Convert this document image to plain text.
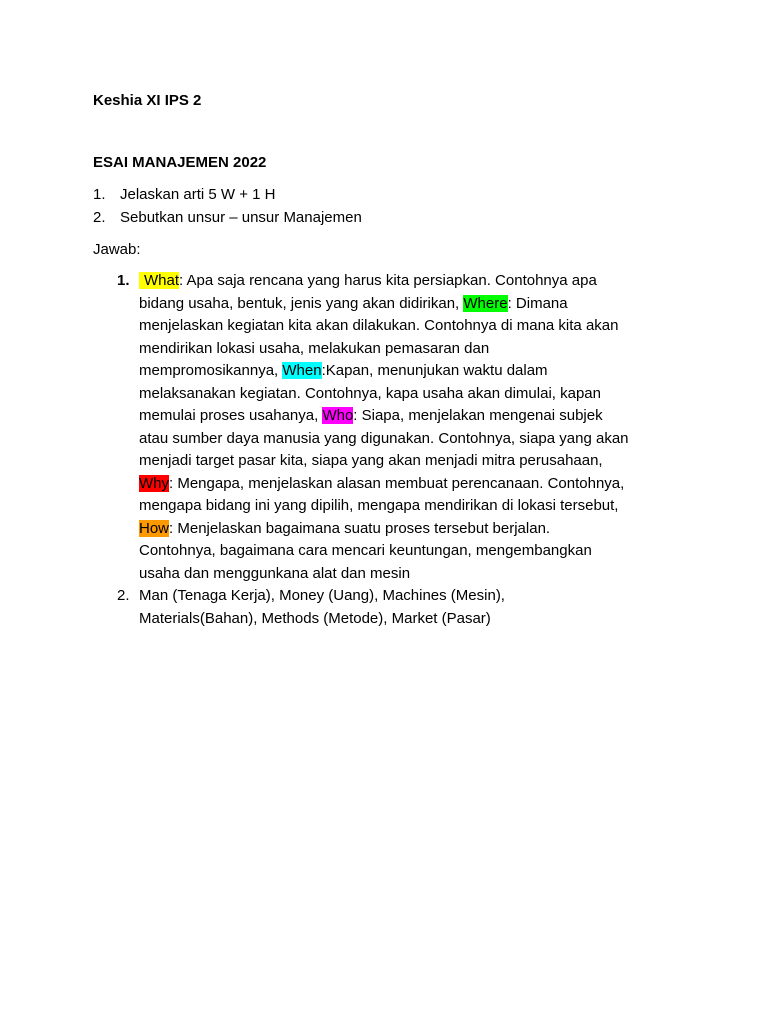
Keshia XI IPS 2
ESAI MANAJEMEN 2022
1. Jelaskan arti 5 W + 1 H
2. Sebutkan unsur – unsur Manajemen
Jawab:
1. What: Apa saja rencana yang harus kita persiapkan. Contohnya apa
bidang usaha, bentuk, jenis yang akan didirikan, Where: Dimana
menjelaskan kegiatan kita akan dilakukan. Contohnya di mana kita akan
mendirikan lokasi usaha, melakukan pemasaran dan
mempromosikannya, When:Kapan, menunjukan waktu dalam
melaksanakan kegiatan. Contohnya, kapa usaha akan dimulai, kapan
memulai proses usahanya, Who: Siapa, menjelakan mengenai subjek
atau sumber daya manusia yang digunakan. Contohnya, siapa yang akan
menjadi target pasar kita, siapa yang akan menjadi mitra perusahaan,
Why: Mengapa, menjelaskan alasan membuat perencanaan. Contohnya,
mengapa bidang ini yang dipilih, mengapa mendirikan di lokasi tersebut,
How: Menjelaskan bagaimana suatu proses tersebut berjalan.
Contohnya, bagaimana cara mencari keuntungan, mengembangkan
usaha dan menggunkana alat dan mesin

2. Man (Tenaga Kerja), Money (Uang), Machines (Mesin),
Materials(Bahan), Methods (Metode), Market (Pasar)
